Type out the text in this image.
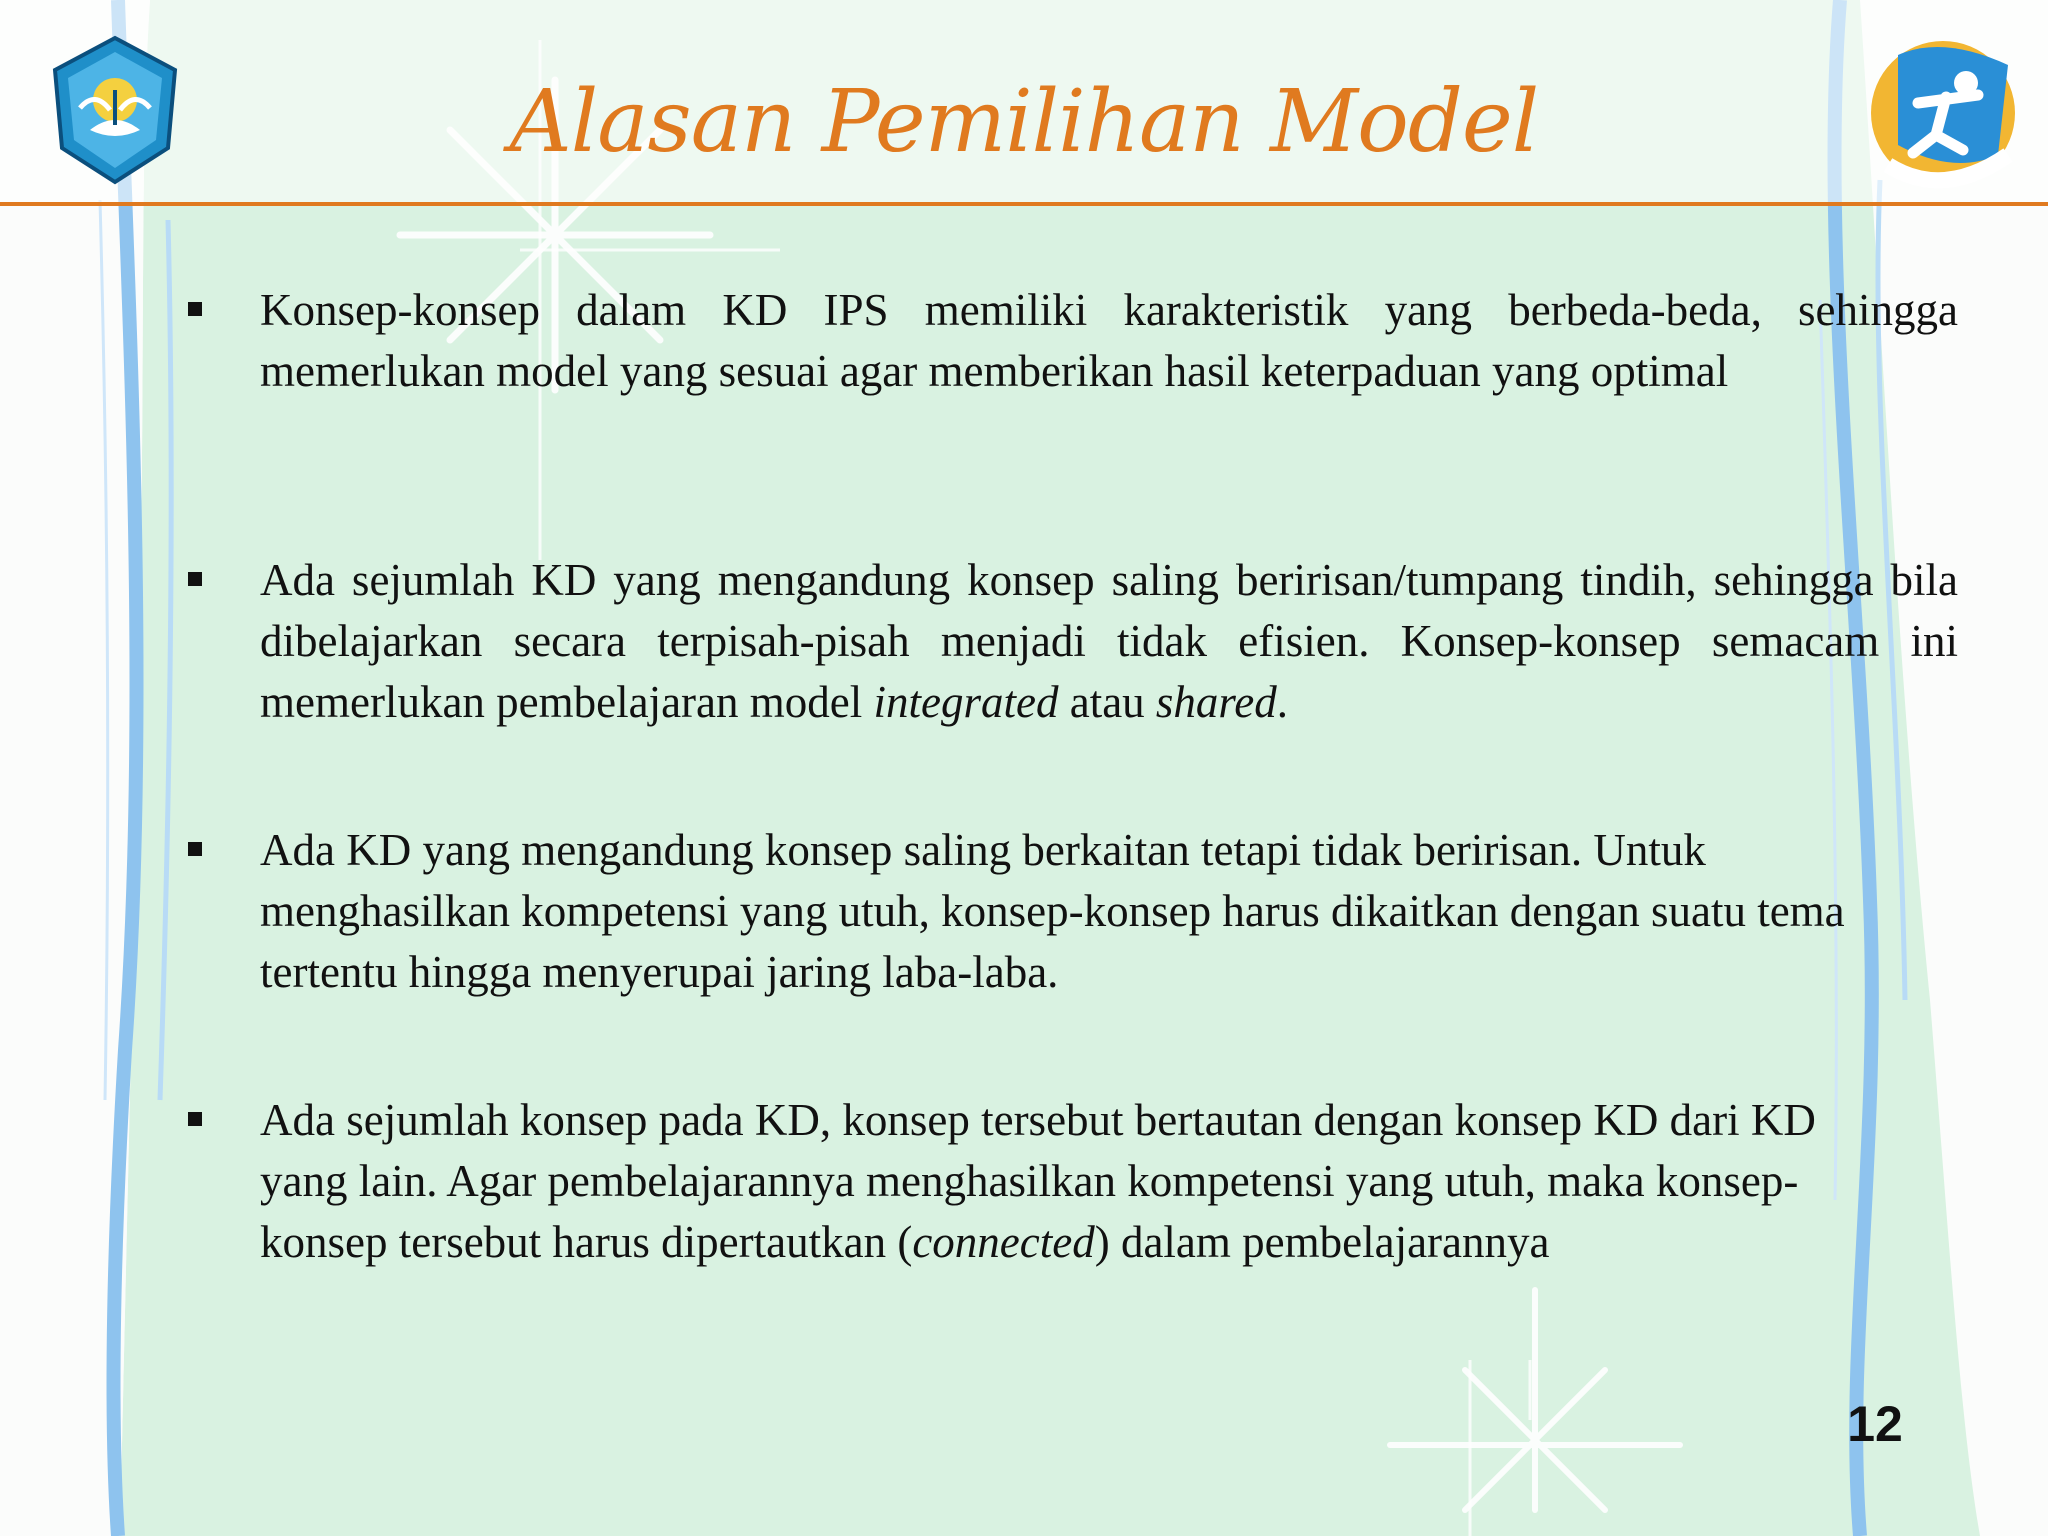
Alasan Pemilihan Model

Konsep-konsep dalam KD IPS memiliki karakteristik yang berbeda-beda, sehingga memerlukan model yang sesuai agar memberikan hasil keterpaduan yang optimal

Ada sejumlah KD yang mengandung konsep saling beririsan/tumpang tindih, sehingga bila dibelajarkan secara terpisah-pisah menjadi tidak efisien. Konsep-konsep semacam ini memerlukan pembelajaran model integrated atau shared.

Ada KD yang mengandung konsep saling berkaitan tetapi tidak beririsan. Untuk menghasilkan kompetensi yang utuh, konsep-konsep harus dikaitkan dengan suatu tema tertentu hingga menyerupai jaring laba-laba.

Ada sejumlah konsep pada KD, konsep tersebut bertautan dengan konsep KD dari KD yang lain. Agar pembelajarannya menghasilkan kompetensi yang utuh, maka konsep-konsep tersebut harus dipertautkan (connected) dalam pembelajarannya

12
